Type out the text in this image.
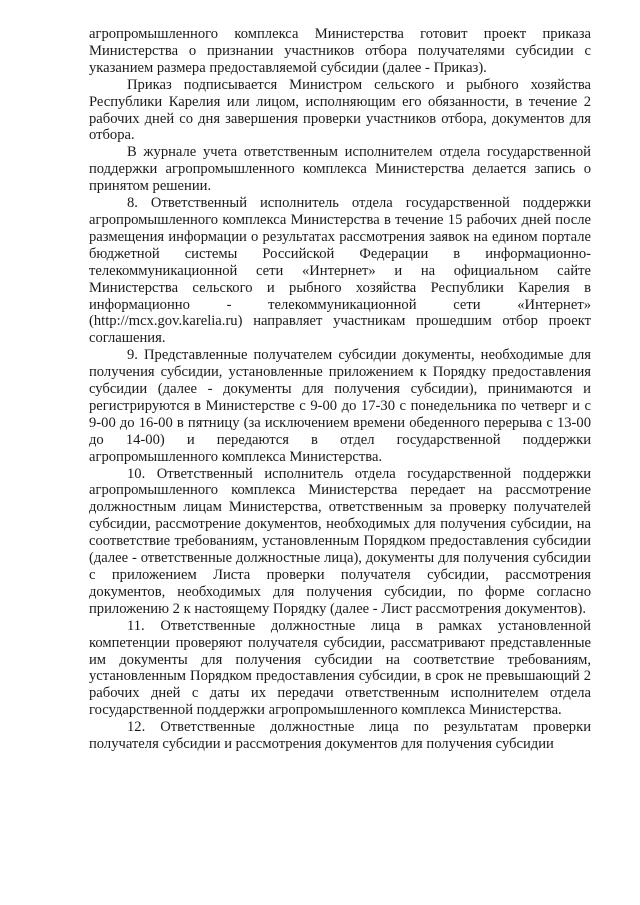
агропромышленного комплекса Министерства готовит проект приказа Министерства о признании участников отбора получателями субсидии с указанием размера предоставляемой субсидии (далее - Приказ).

Приказ подписывается Министром сельского и рыбного хозяйства Республики Карелия или лицом, исполняющим его обязанности, в течение 2 рабочих дней со дня завершения проверки участников отбора, документов для отбора.

В журнале учета ответственным исполнителем отдела государственной поддержки агропромышленного комплекса Министерства делается запись о принятом решении.

8. Ответственный исполнитель отдела государственной поддержки агропромышленного комплекса Министерства в течение 15 рабочих дней после размещения информации о результатах рассмотрения заявок на едином портале бюджетной системы Российской Федерации в информационно-телекоммуникационной сети «Интернет» и на официальном сайте Министерства сельского и рыбного хозяйства Республики Карелия в информационно - телекоммуникационной сети «Интернет» (http://mcx.gov.karelia.ru) направляет участникам прошедшим отбор проект соглашения.

9. Представленные получателем субсидии документы, необходимые для получения субсидии, установленные приложением к Порядку предоставления субсидии (далее - документы для получения субсидии), принимаются и регистрируются в Министерстве с 9-00 до 17-30 с понедельника по четверг и с 9-00 до 16-00 в пятницу (за исключением времени обеденного перерыва с 13-00 до 14-00) и передаются в отдел государственной поддержки агропромышленного комплекса Министерства.

10. Ответственный исполнитель отдела государственной поддержки агропромышленного комплекса Министерства передает на рассмотрение должностным лицам Министерства, ответственным за проверку получателей субсидии, рассмотрение документов, необходимых для получения субсидии, на соответствие требованиям, установленным Порядком предоставления субсидии (далее - ответственные должностные лица), документы для получения субсидии с приложением Листа проверки получателя субсидии, рассмотрения документов, необходимых для получения субсидии, по форме согласно приложению 2 к настоящему Порядку (далее - Лист рассмотрения документов).

11. Ответственные должностные лица в рамках установленной компетенции проверяют получателя субсидии, рассматривают представленные им документы для получения субсидии на соответствие требованиям, установленным Порядком предоставления субсидии, в срок не превышающий 2 рабочих дней с даты их передачи ответственным исполнителем отдела государственной поддержки агропромышленного комплекса Министерства.

12. Ответственные должностные лица по результатам проверки получателя субсидии и рассмотрения документов для получения субсидии
